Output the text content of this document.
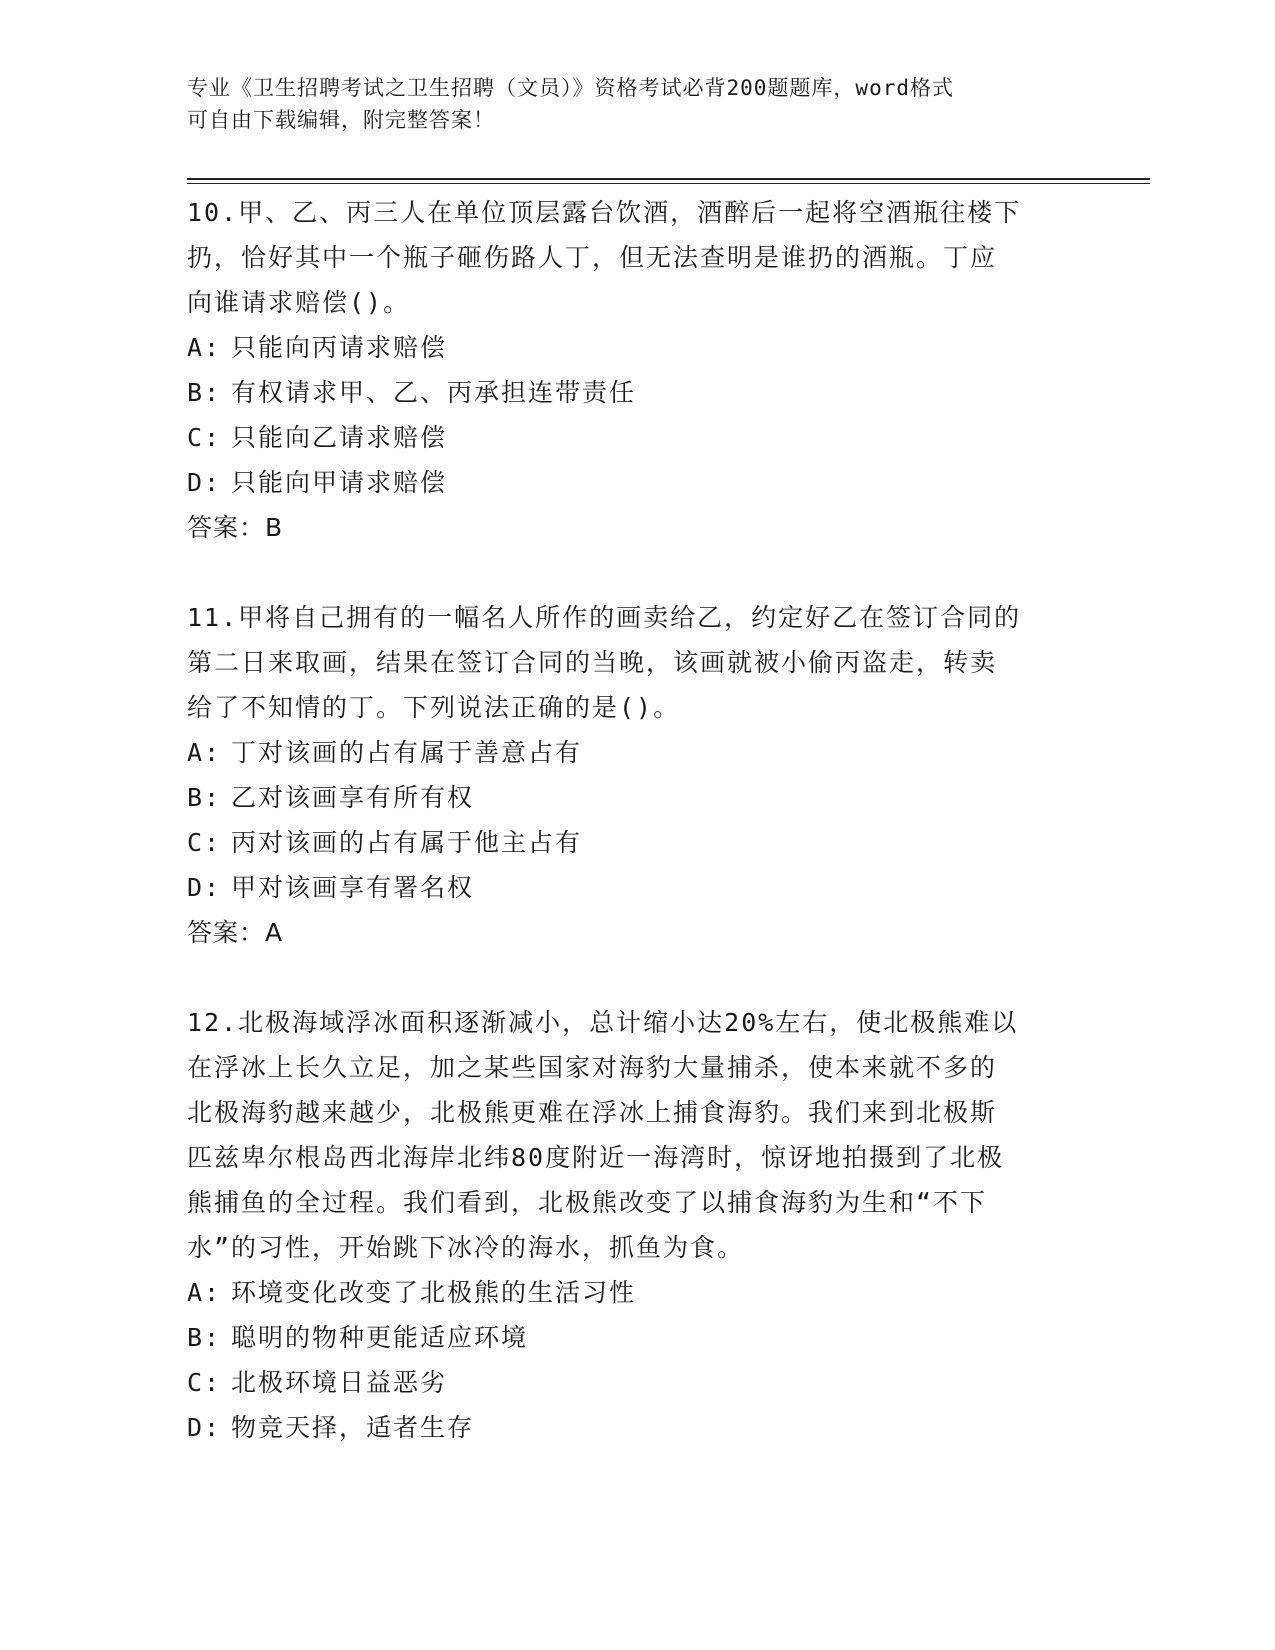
专业《卫生招聘考试之卫生招聘（文员）》资格考试必背200题题库，word格式
可自由下载编辑，附完整答案！

10.甲、乙、丙三人在单位顶层露台饮酒，酒醉后一起将空酒瓶往楼下

扔，恰好其中一个瓶子砸伤路人丁，但无法查明是谁扔的酒瓶。丁应

向谁请求赔偿()。

A: 只能向丙请求赔偿

B: 有权请求甲、乙、丙承担连带责任

C: 只能向乙请求赔偿

D: 只能向甲请求赔偿

答案：B

11.甲将自己拥有的一幅名人所作的画卖给乙，约定好乙在签订合同的

第二日来取画，结果在签订合同的当晚，该画就被小偷丙盗走，转卖

给了不知情的丁。下列说法正确的是()。

A: 丁对该画的占有属于善意占有

B: 乙对该画享有所有权

C: 丙对该画的占有属于他主占有

D: 甲对该画享有署名权

答案：A

12.北极海域浮冰面积逐渐减小，总计缩小达20%左右，使北极熊难以

在浮冰上长久立足，加之某些国家对海豹大量捕杀，使本来就不多的

北极海豹越来越少，北极熊更难在浮冰上捕食海豹。我们来到北极斯

匹兹卑尔根岛西北海岸北纬80度附近一海湾时，惊讶地拍摄到了北极

熊捕鱼的全过程。我们看到，北极熊改变了以捕食海豹为生和“不下

水”的习性，开始跳下冰冷的海水，抓鱼为食。

A: 环境变化改变了北极熊的生活习性

B: 聪明的物种更能适应环境

C: 北极环境日益恶劣

D: 物竞天择，适者生存
